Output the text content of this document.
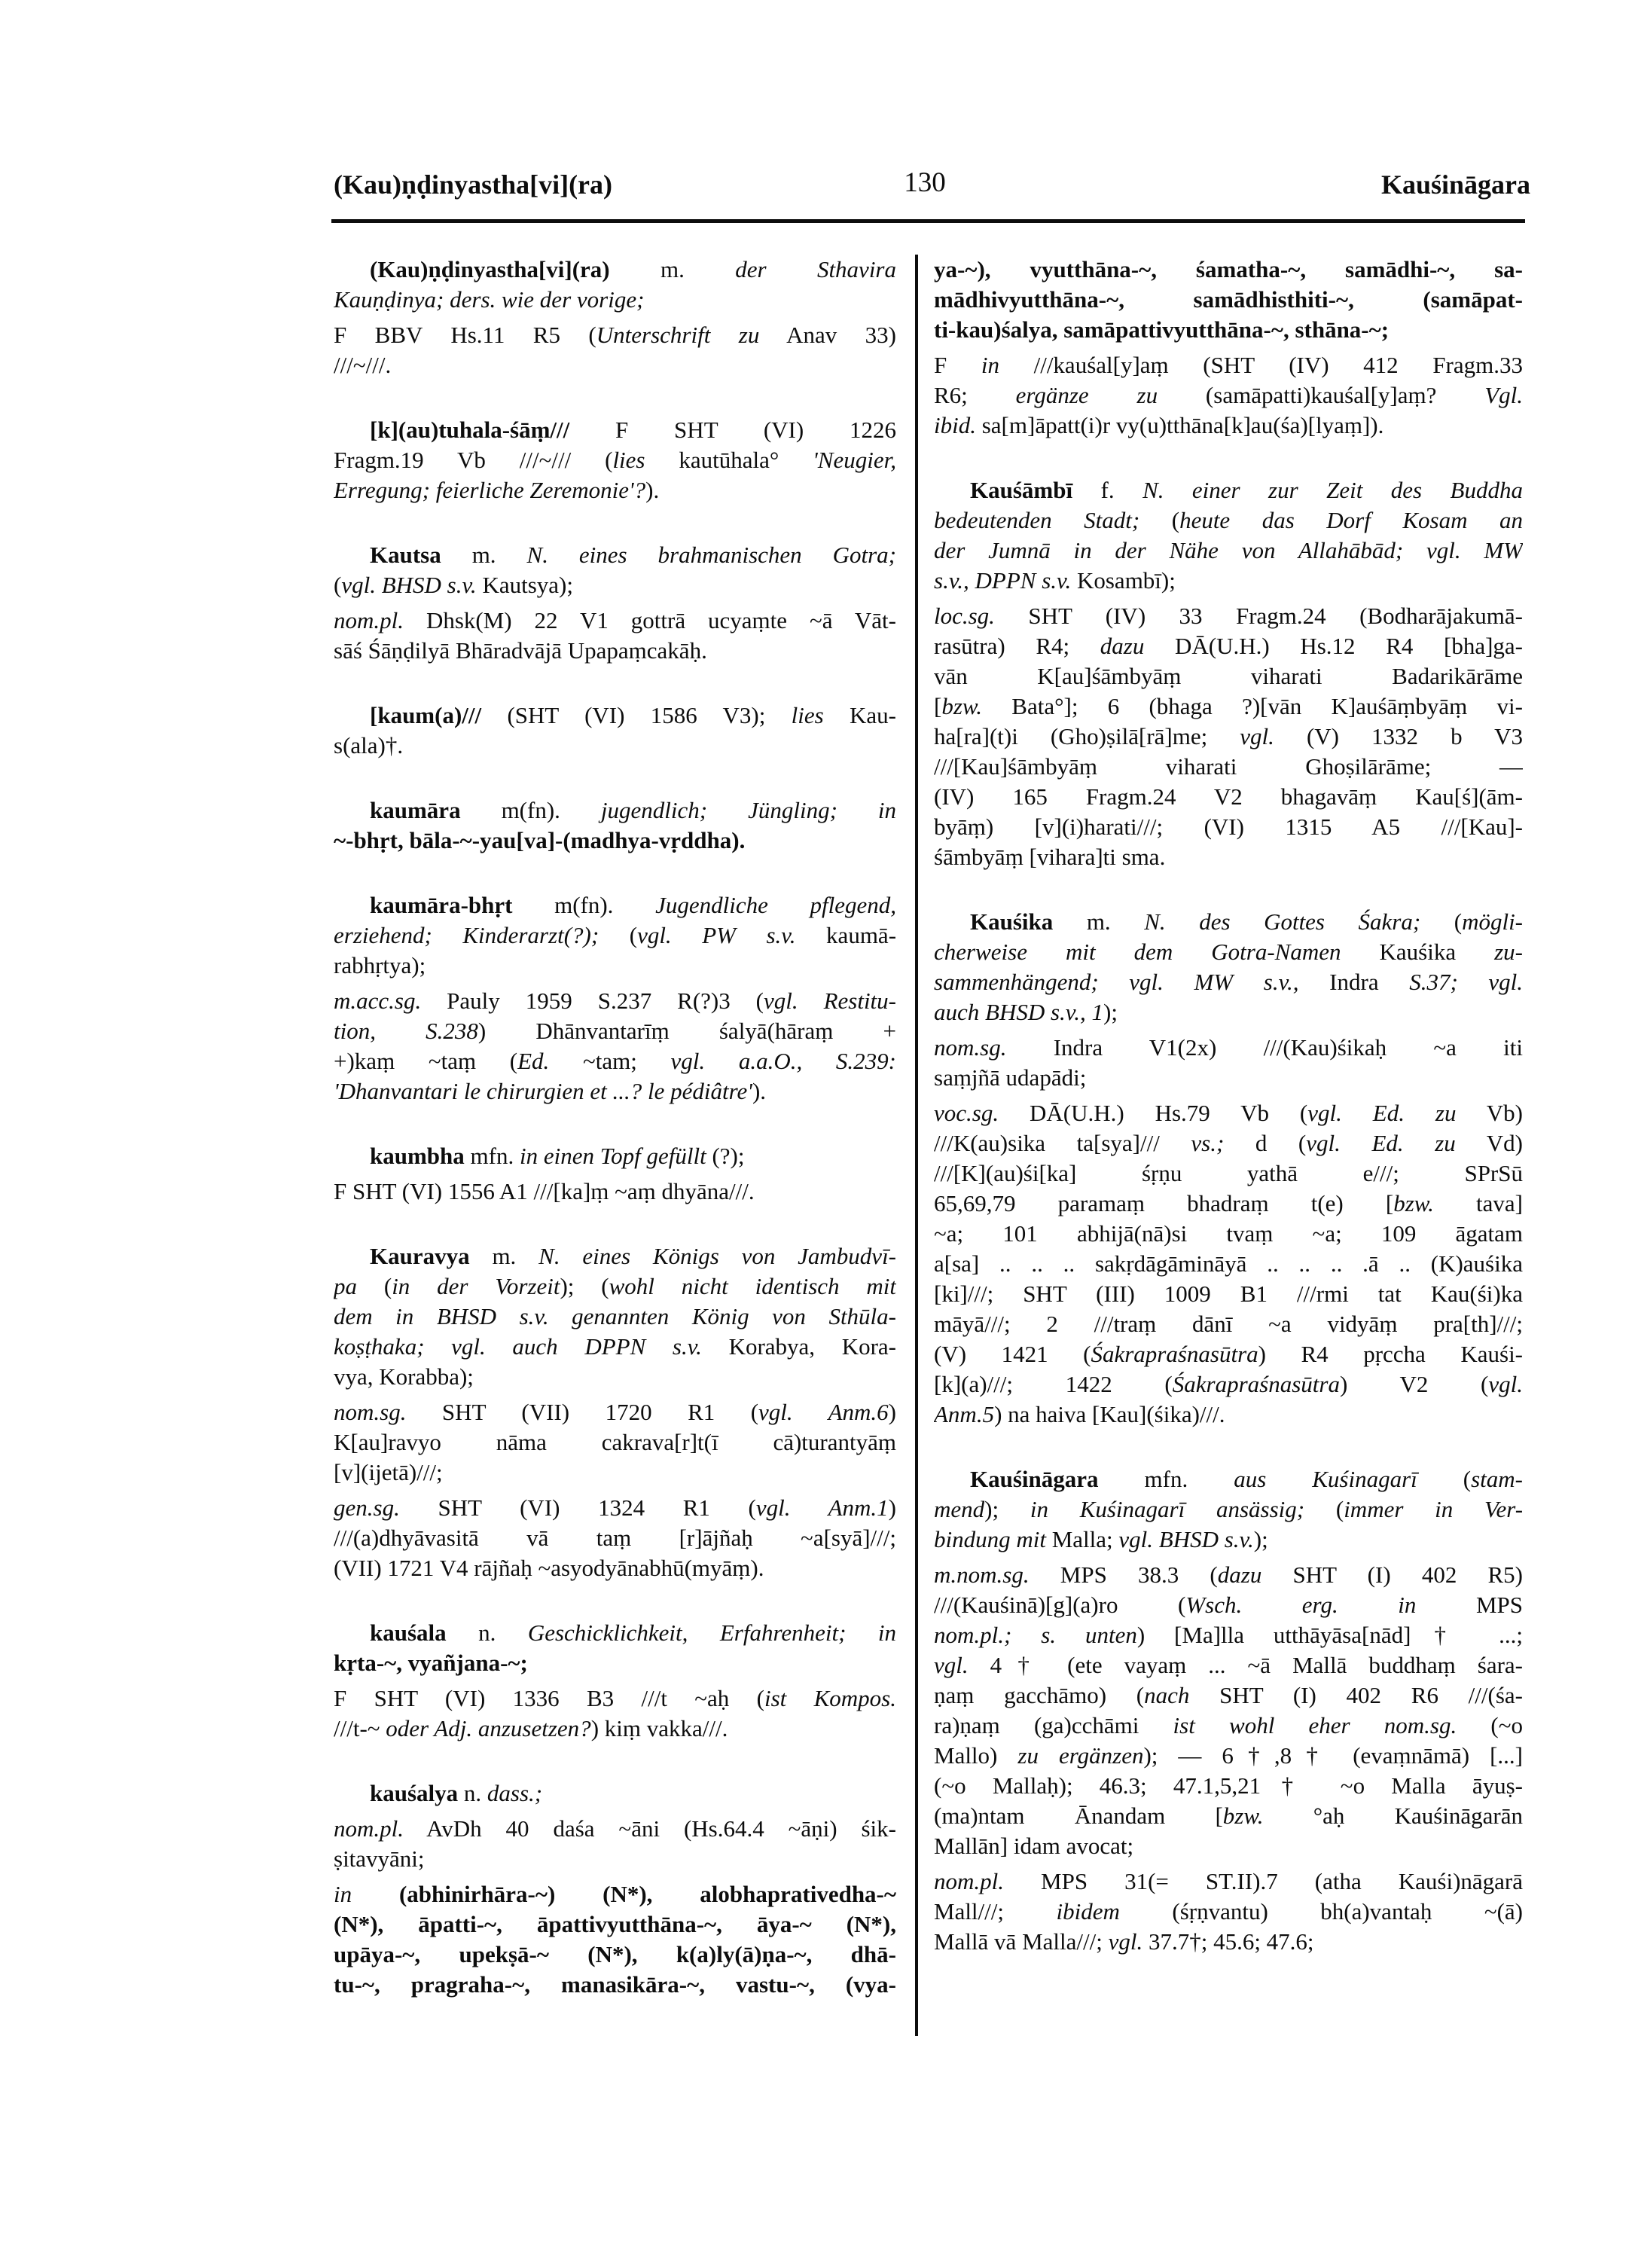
(Kau)ṇḍinyastha[vi](ra)	130	Kauśināgara
(Kau)ṇḍinyastha[vi](ra) m. der Sthavira
Kauṇḍinya; ders. wie der vorige;
F BBV Hs.11 R5 (Unterschrift zu Anav 33)
///~///.
[k](au)tuhala-śāṃ/// F SHT (VI) 1226
Fragm.19 Vb ///~/// (lies kautūhala° 'Neugier,
Erregung; feierliche Zeremonie'?).
Kautsa m. N. eines brahmanischen Gotra;
(vgl. BHSD s.v. Kautsya);
nom.pl. Dhsk(M) 22 V1 gottrā ucyaṃte ~ā Vāt-
sāś Śāṇḍilyā Bhāradvājā Upapaṃcakāḥ.
[kaum(a)/// (SHT (VI) 1586 V3); lies Kau-
s(ala)†.
kaumāra m(fn). jugendlich; Jüngling; in
~-bhṛt, bāla-~-yau[va]-(madhya-vṛddha).
kaumāra-bhṛt m(fn). Jugendliche pflegend,
erziehend; Kinderarzt(?); (vgl. PW s.v. kaumā-
rabhṛtya);
m.acc.sg. Pauly 1959 S.237 R(?)3 (vgl. Restitu-
tion, S.238) Dhānvantarīṃ śalyā(hāraṃ +
+)kaṃ ~taṃ (Ed. ~tam; vgl. a.a.O., S.239:
'Dhanvantari le chirurgien et ...? le pédiâtre').
kaumbha mfn. in einen Topf gefüllt (?);
F SHT (VI) 1556 A1 ///[ka]ṃ ~aṃ dhyāna///.
Kauravya m. N. eines Königs von Jambudvī-
pa (in der Vorzeit); (wohl nicht identisch mit
dem in BHSD s.v. genannten König von Sthūla-
koṣṭhaka; vgl. auch DPPN s.v. Korabya, Kora-
vya, Korabba);
nom.sg. SHT (VII) 1720 R1 (vgl. Anm.6)
K[au]ravyo nāma cakrava[r]t(ī cā)turantyāṃ
[v](ijetā)///;
gen.sg. SHT (VI) 1324 R1 (vgl. Anm.1)
///(a)dhyāvasitā vā taṃ [r]ājñaḥ ~a[syā]///;
(VII) 1721 V4 rājñaḥ ~asyodyānabhū(myāṃ).
kauśala n. Geschicklichkeit, Erfahrenheit; in
kṛta-~, vyañjana-~;
F SHT (VI) 1336 B3 ///t ~aḥ (ist Kompos.
///t-~ oder Adj. anzusetzen?) kiṃ vakka///.
kauśalya n. dass.;
nom.pl. AvDh 40 daśa ~āni (Hs.64.4 ~āṇi) śik-
ṣitavyāni;
in (abhinirhāra-~) (N*), alobhaprativedha-~
(N*), āpatti-~, āpattivyutthāna-~, āya-~ (N*),
upāya-~, upekṣā-~ (N*), k(a)ly(ā)ṇa-~, dhā-
tu-~, pragraha-~, manasikāra-~, vastu-~, (vya-
ya-~), vyutthāna-~, śamatha-~, samādhi-~, sa-
mādhivyutthāna-~, samādhisthiti-~, (samāpat-
ti-kau)śalya, samāpattivyutthāna-~, sthāna-~;
F in ///kauśal[y]aṃ (SHT (IV) 412 Fragm.33
R6; ergänze zu (samāpatti)kauśal[y]aṃ? Vgl.
ibid. sa[m]āpatt(i)r vy(u)tthāna[k]au(śa)[lyaṃ]).
Kauśāmbī f. N. einer zur Zeit des Buddha
bedeutenden Stadt; (heute das Dorf Kosam an
der Jumnā in der Nähe von Allahābād; vgl. MW
s.v., DPPN s.v. Kosambī);
loc.sg. SHT (IV) 33 Fragm.24 (Bodharājakumā-
rasūtra) R4; dazu DĀ(U.H.) Hs.12 R4 [bha]ga-
vān K[au]śāmbyāṃ viharati Badarikārāme
[bzw. Bata°]; 6 (bhaga ?)[vān K]auśāṃbyāṃ vi-
ha[ra](t)i (Gho)ṣilā[rā]me; vgl. (V) 1332 b V3
///[Kau]śāmbyāṃ viharati Ghoṣilārāme; —
(IV) 165 Fragm.24 V2 bhagavāṃ Kau[ś](ām-
byāṃ) [v](i)harati///; (VI) 1315 A5 ///[Kau]-
śāmbyāṃ [vihara]ti sma.
Kauśika m. N. des Gottes Śakra; (mögli-
cherweise mit dem Gotra-Namen Kauśika zu-
sammenhängend; vgl. MW s.v., Indra S.37; vgl.
auch BHSD s.v., 1);
nom.sg. Indra V1(2x) ///(Kau)śikaḥ ~a iti
saṃjñā udapādi;
voc.sg. DĀ(U.H.) Hs.79 Vb (vgl. Ed. zu Vb)
///K(au)sika ta[sya]/// vs.; d (vgl. Ed. zu Vd)
///[K](au)śi[ka] śṛṇu yathā e///; SPrSū
65,69,79 paramaṃ bhadraṃ t(e) [bzw. tava]
~a; 101 abhijā(nā)si tvaṃ ~a; 109 āgatam
a[sa] .. .. .. sakṛdāgāmināyā .. .. .. .ā .. (K)auśika
[ki]///; SHT (III) 1009 B1 ///rmi tat Kau(śi)ka
māyā///; 2 ///traṃ dānī ~a vidyāṃ pra[th]///;
(V) 1421 (Śakrapraśnasūtra) R4 pṛccha Kauśi-
[k](a)///; 1422 (Śakrapraśnasūtra) V2 (vgl.
Anm.5) na haiva [Kau](śika)///.
Kauśināgara mfn. aus Kuśinagarī (stam-
mend); in Kuśinagarī ansässig; (immer in Ver-
bindung mit Malla; vgl. BHSD s.v.);
m.nom.sg. MPS 38.3 (dazu SHT (I) 402 R5)
///(Kauśinā)[g](a)ro (Wsch. erg. in MPS
nom.pl.; s. unten) [Ma]lla utthāyāsa[nād]† ...;
vgl. 4† (ete vayaṃ ... ~ā Mallā buddhaṃ śara-
ṇaṃ gacchāmo) (nach SHT (I) 402 R6 ///(śa-
ra)ṇaṃ (ga)cchāmi ist wohl eher nom.sg. (~o
Mallo) zu ergänzen); — 6†,8† (evaṃnāmā) [...]
(~o Mallaḥ); 46.3; 47.1,5,21† ~o Malla āyuṣ-
(ma)ntam Ānandam [bzw. °aḥ Kauśināgarān
Mallān] idam avocat;
nom.pl. MPS 31(= ST.II).7 (atha Kauśi)nāgarā
Mall///; ibidem (śṛṇvantu) bh(a)vantaḥ ~(ā)
Mallā vā Malla///; vgl. 37.7†; 45.6; 47.6;
